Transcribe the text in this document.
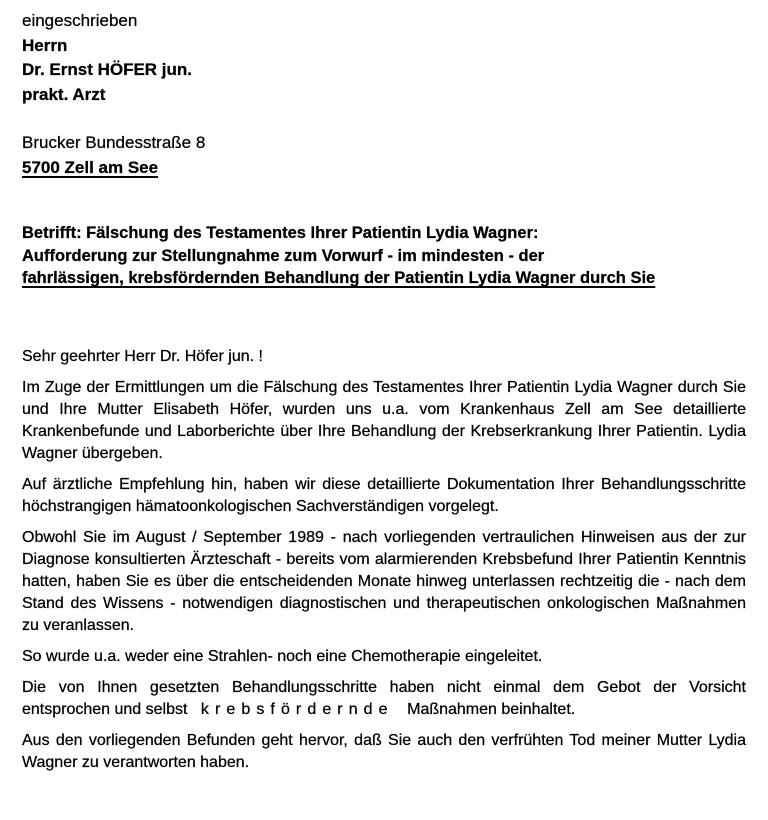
eingeschrieben
Herrn
Dr. Ernst HÖFER jun.
prakt. Arzt
Brucker Bundesstraße 8
5700 Zell am See
Betrifft: Fälschung des Testamentes Ihrer Patientin Lydia Wagner:
Aufforderung zur Stellungnahme zum Vorwurf - im mindesten - der
fahrlässigen, krebsfördernden Behandlung der Patientin Lydia Wagner durch Sie
Sehr geehrter Herr Dr. Höfer jun. !

Im Zuge der Ermittlungen um die Fälschung des Testamentes Ihrer Patientin Lydia Wagner durch Sie und Ihre Mutter Elisabeth Höfer, wurden uns u.a. vom Krankenhaus Zell am See detaillierte Krankenbefunde und Laborberichte über Ihre Behandlung der Krebserkrankung Ihrer Patientin. Lydia Wagner übergeben.

Auf ärztliche Empfehlung hin, haben wir diese detaillierte Dokumentation Ihrer Behandlungsschritte höchstrangigen hämatoonkologischen Sachverständigen vorgelegt.

Obwohl Sie im August / September 1989 - nach vorliegenden vertraulichen Hinweisen aus der zur Diagnose konsultierten Ärzteschaft - bereits vom alarmierenden Krebsbefund Ihrer Patientin Kenntnis hatten, haben Sie es über die entscheidenden Monate hinweg unterlassen rechtzeitig die - nach dem Stand des Wissens - notwendigen diagnostischen und therapeutischen onkologischen Maßnahmen zu veranlassen.

So wurde u.a. weder eine Strahlen- noch eine Chemotherapie eingeleitet.

Die von Ihnen gesetzten Behandlungsschritte haben nicht einmal dem Gebot der Vorsicht entsprochen und selbst krebsfördernde Maßnahmen beinhaltet.

Aus den vorliegenden Befunden geht hervor, daß Sie auch den verfrühten Tod meiner Mutter Lydia Wagner zu verantworten haben.
